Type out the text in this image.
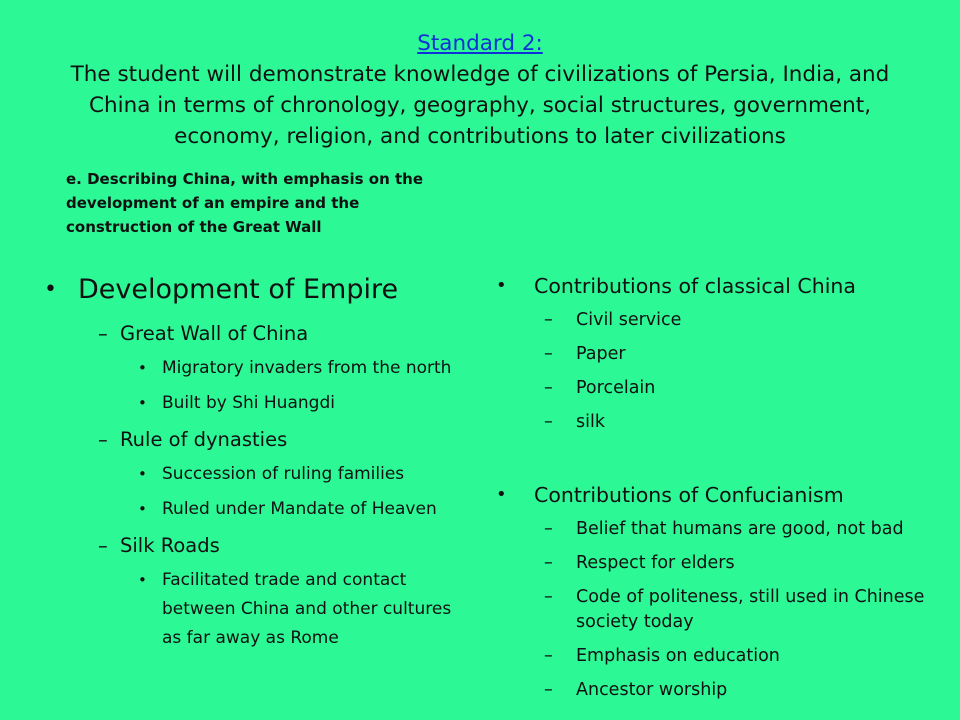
Standard 2:
The student will demonstrate knowledge of civilizations of Persia, India, and China in terms of chronology, geography, social structures, government, economy, religion, and contributions to later civilizations
e. Describing China, with emphasis on the development of an empire and the construction of the Great Wall
• Development of Empire
– Great Wall of China
• Migratory invaders from the north
• Built by Shi Huangdi
– Rule of dynasties
• Succession of ruling families
• Ruled under Mandate of Heaven
– Silk Roads
• Facilitated trade and contact between China and other cultures as far away as Rome
• Contributions of classical China
– Civil service
– Paper
– Porcelain
– silk
• Contributions of Confucianism
– Belief that humans are good, not bad
– Respect for elders
– Code of politeness, still used in Chinese society today
– Emphasis on education
– Ancestor worship
